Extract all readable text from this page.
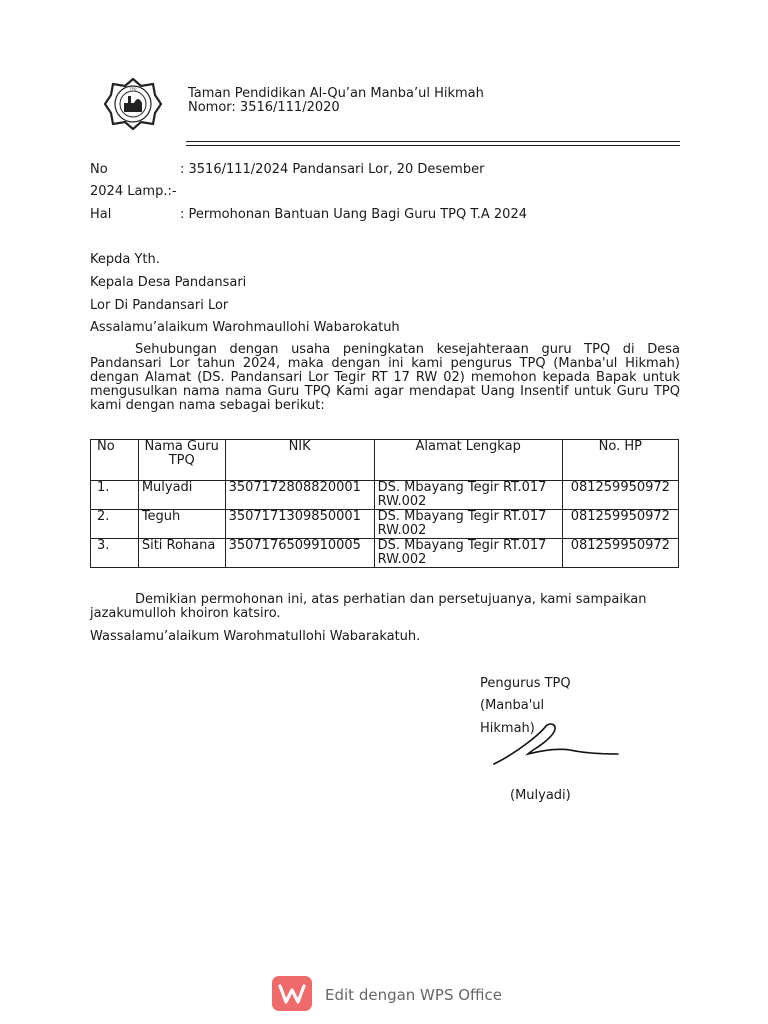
TPQ	Taman Pendidikan Al-Qu’an Manba’ul Hikmah
Nomor: 3516/111/2020
No	: 3516/111/2024 Pandansari Lor, 20 Desember
2024 Lamp.:-
Hal	: Permohonan Bantuan Uang Bagi Guru TPQ T.A 2024
Kepda Yth.
Kepala Desa Pandansari
Lor Di Pandansari Lor
Assalamu’alaikum Warohmaullohi Wabarokatuh
Sehubungan dengan usaha peningkatan kesejahteraan guru TPQ di Desa Pandansari Lor tahun 2024, maka dengan ini kami pengurus TPQ (Manba'ul Hikmah) dengan Alamat (DS. Pandansari Lor Tegir RT 17 RW 02) memohon kepada Bapak untuk mengusulkan nama nama Guru TPQ Kami agar mendapat Uang Insentif untuk Guru TPQ kami dengan nama sebagai berikut:
No	Nama Guru TPQ	NIK	Alamat Lengkap	No. HP
1.	Mulyadi	3507172808820001	DS. Mbayang Tegir RT.017 RW.002	081259950972
2.	Teguh	3507171309850001	DS. Mbayang Tegir RT.017 RW.002	081259950972
3.	Siti Rohana	3507176509910005	DS. Mbayang Tegir RT.017 RW.002	081259950972
Demikian permohonan ini, atas perhatian dan persetujuanya, kami sampaikan jazakumulloh khoiron katsiro.
Wassalamu’alaikum Warohmatullohi Wabarakatuh.
Pengurus TPQ
(Manba'ul
Hikmah)
(Mulyadi)
Edit dengan WPS Office
